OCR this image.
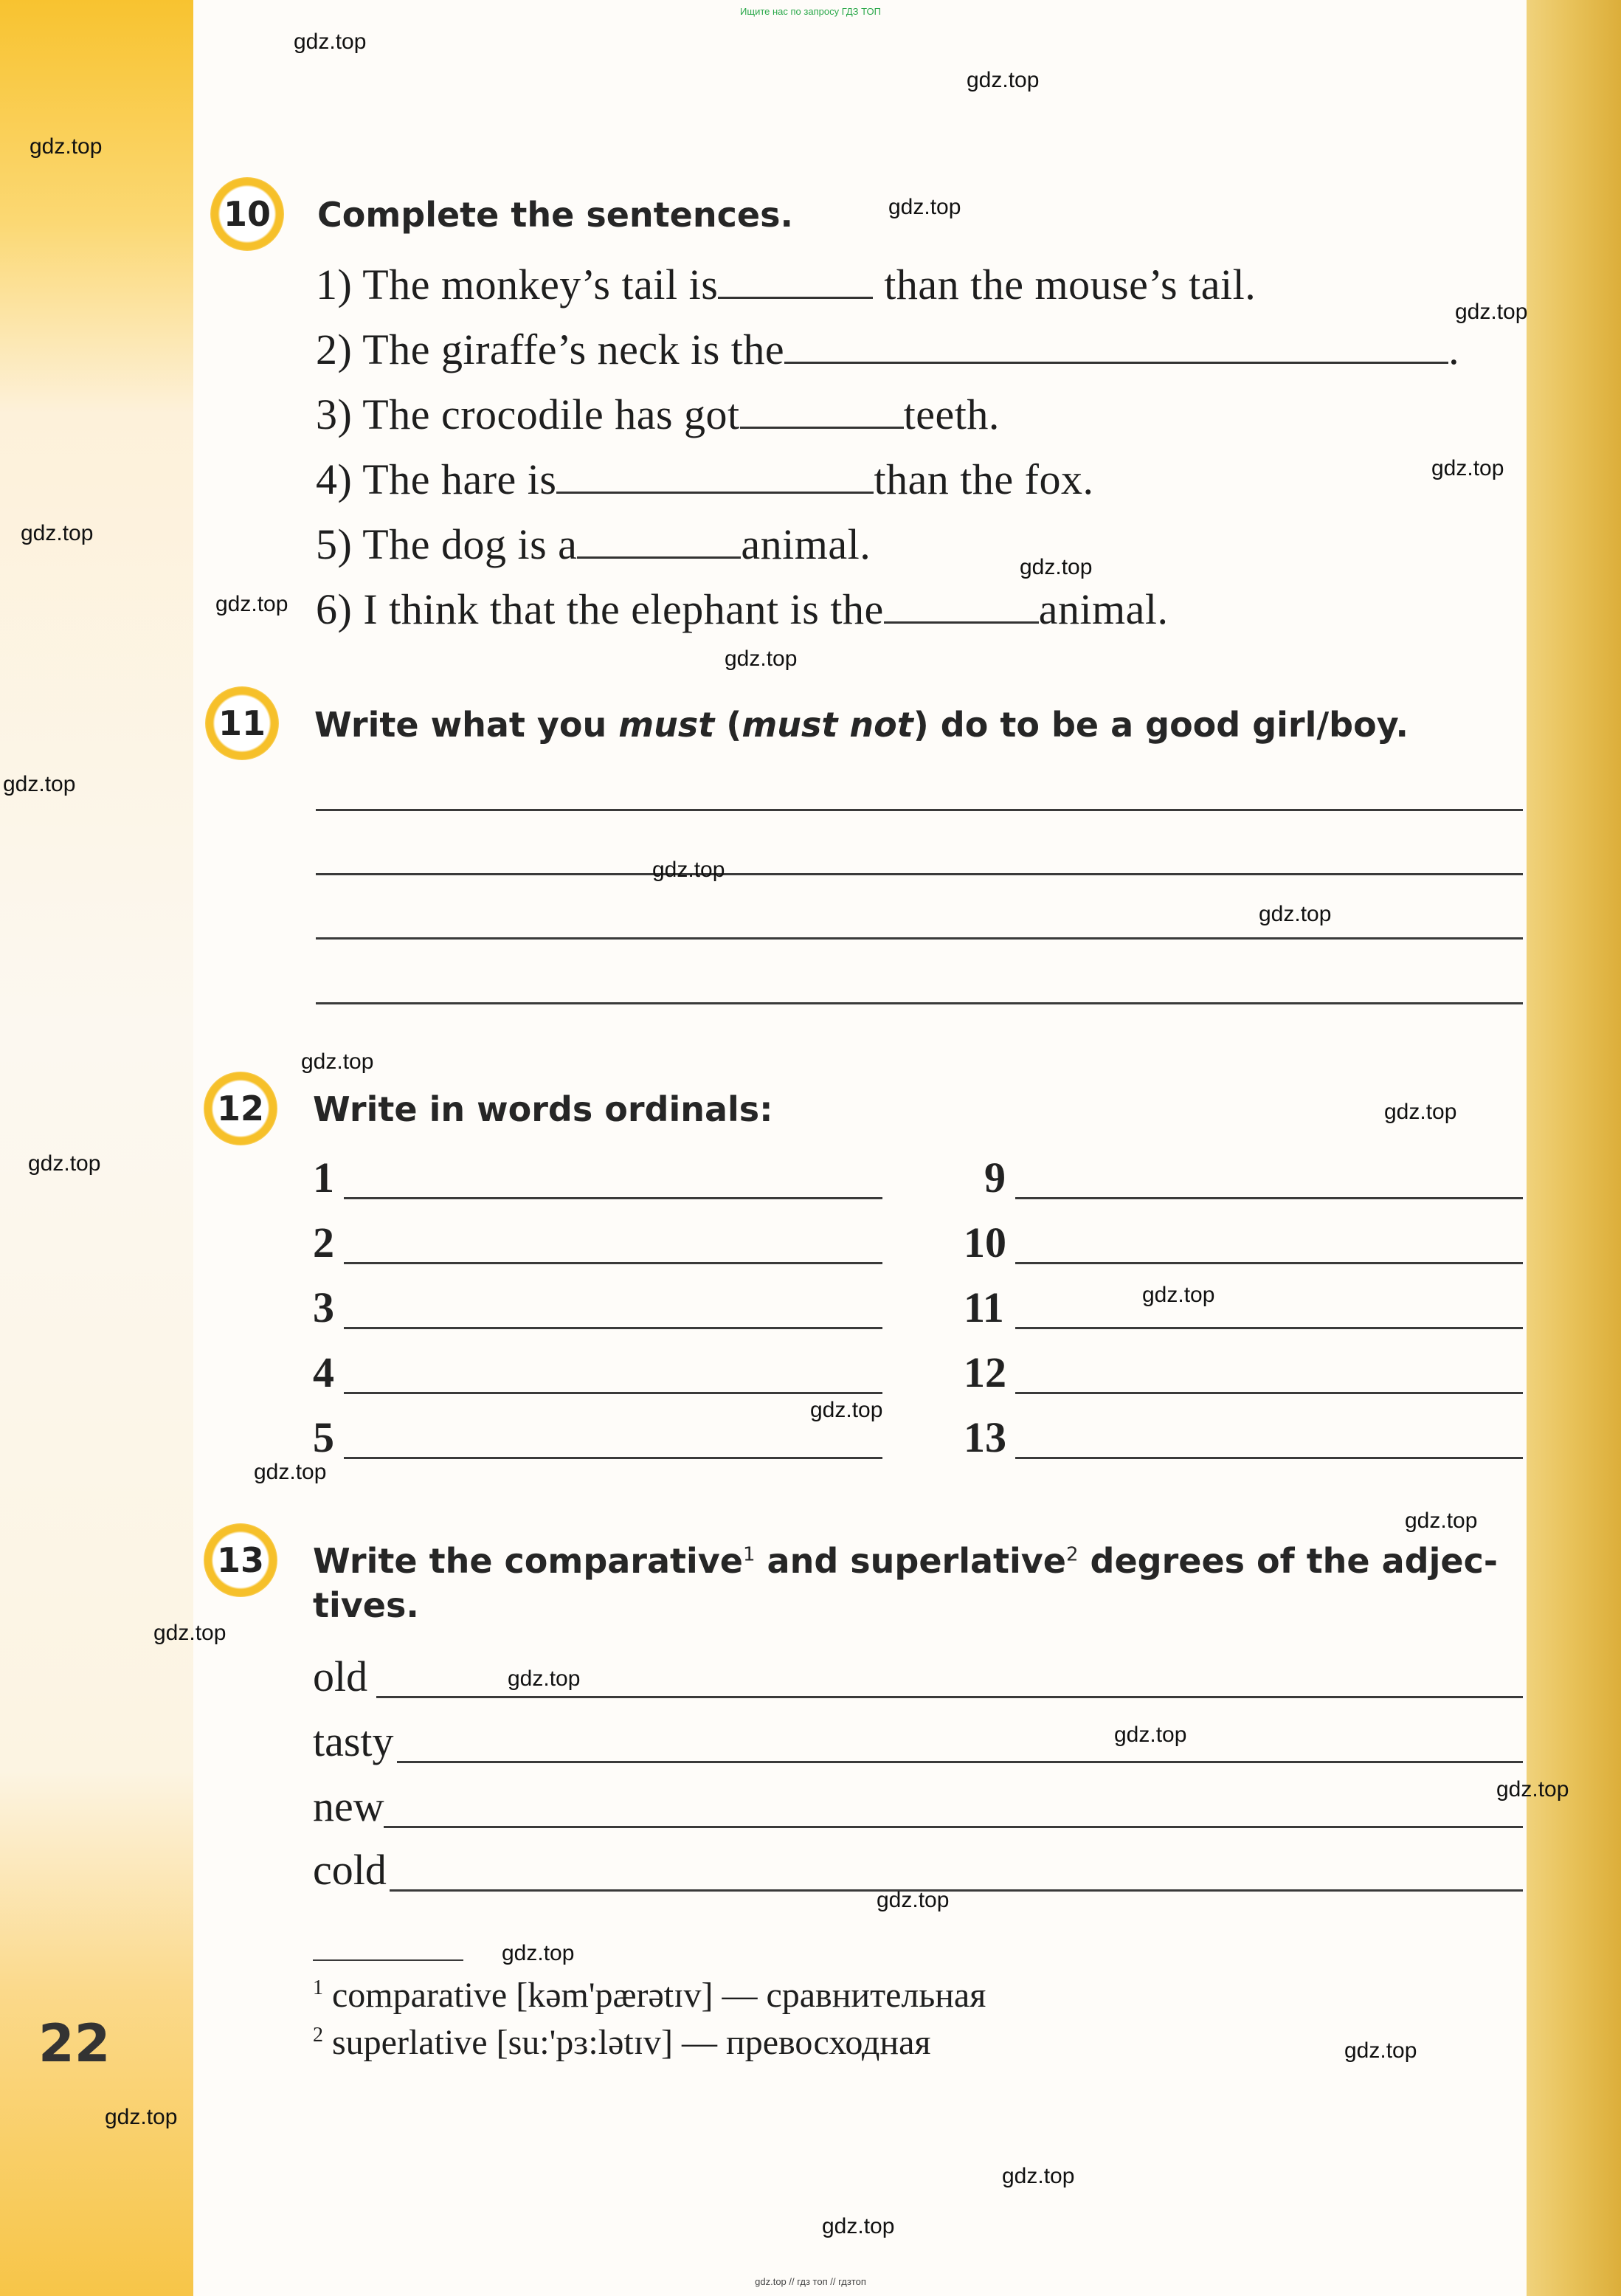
Ищите нас по запросу ГДЗ ТОП
10	Complete the sentences.
1) The monkey’s tail is	than the mouse’s tail.
2) The giraffe’s neck is the	.
3) The crocodile has got	teeth.
4) The hare is	than the fox.
5) The dog is a	animal.
6) I think that the elephant is the	animal.
11	Write what you must (must not) do to be a good girl/boy.
12	Write in words ordinals:
1
2
3
4
5
9
10
11
12
13
13	Write the comparative$^1$ and superlative$^2$ degrees of the adjec-
tives.
old
tasty
new
cold
$^1$ comparative [kəm'pærətɪv] — сравнительная
$^2$ superlative [su:'pɜ:lətɪv] — превосходная
22
gdz.top
gdz.top
gdz.top
gdz.top
gdz.top
gdz.top
gdz.top
gdz.top
gdz.top
gdz.top
gdz.top
gdz.top
gdz.top
gdz.top
gdz.top
gdz.top
gdz.top
gdz.top
gdz.top
gdz.top
gdz.top
gdz.top
gdz.top
gdz.top
gdz.top
gdz.top
gdz.top
gdz.top
gdz.top
gdz.top
gdz.top // гдз топ // гдзтоп
